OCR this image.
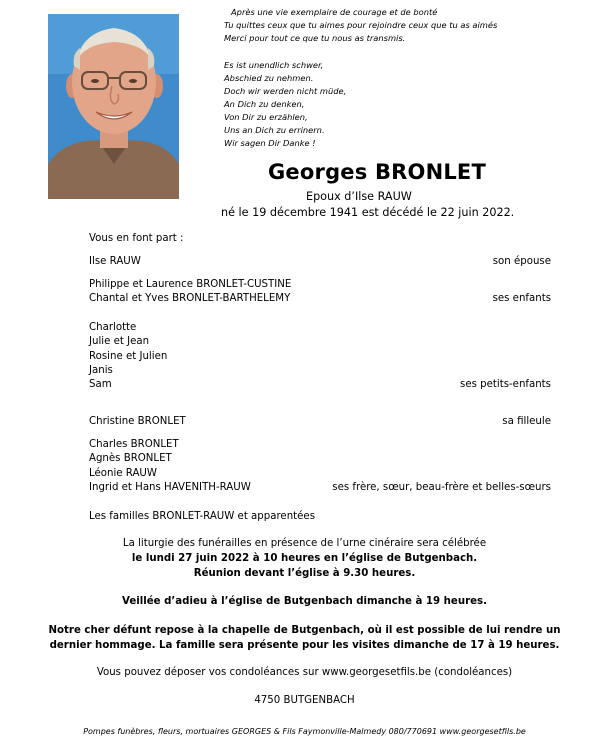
Après une vie exemplaire de courage et de bonté
Tu quittes ceux que tu aimes pour rejoindre ceux que tu as aimés
Merci pour tout ce que tu nous as transmis.
Es ist unendlich schwer,
Abschied zu nehmen.
Doch wir werden nicht müde,
An Dich zu denken,
Von Dir zu erzählen,
Uns an Dich zu errinern.
Wir sagen Dir Danke !
Georges BRONLET
Epoux d’Ilse RAUW
né le 19 décembre 1941 est décédé le 22 juin 2022.
Vous en font part :
Ilse RAUW	son épouse
Philippe et Laurence BRONLET-CUSTINE
Chantal et Yves BRONLET-BARTHELEMY	ses enfants
Charlotte
Julie et Jean
Rosine et Julien
Janis
Sam	ses petits-enfants
Christine BRONLET	sa filleule
Charles BRONLET
Agnès BRONLET
Léonie RAUW
Ingrid et Hans HAVENITH-RAUW	ses frère, sœur, beau-frère et belles-sœurs
Les familles BRONLET-RAUW et apparentées
La liturgie des funérailles en présence de l’urne cinéraire sera célébrée
le lundi 27 juin 2022 à 10 heures en l’église de Butgenbach.
Réunion devant l’église à 9.30 heures.
Veillée d’adieu à l’église de Butgenbach dimanche à 19 heures.
Notre cher défunt repose à la chapelle de Butgenbach, où il est possible de lui rendre un
dernier hommage. La famille sera présente pour les visites dimanche de 17 à 19 heures.
Vous pouvez déposer vos condoléances sur www.georgesetfils.be (condoléances)
4750 BUTGENBACH
Pompes funèbres, fleurs, mortuaires GEORGES & Fils Faymonville-Malmedy 080/770691 www.georgesetfils.be
